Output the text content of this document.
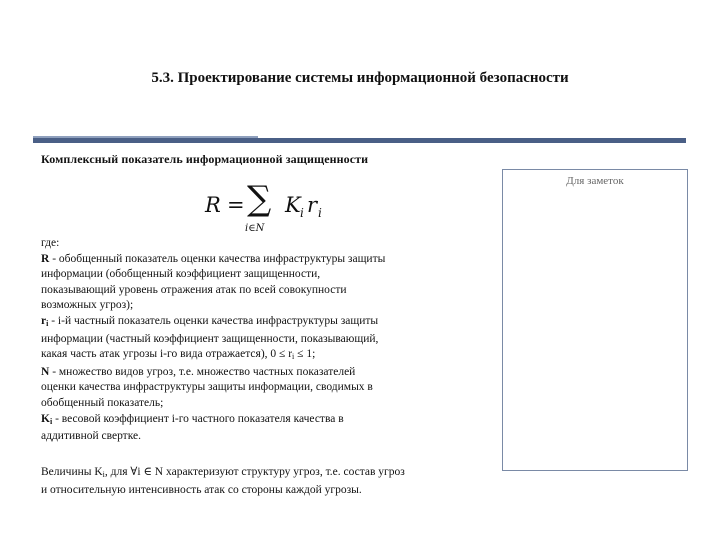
5.3. Проектирование системы информационной безопасности
Комплексный показатель информационной защищенности
Для заметок
R = ∑
i∈N
K i r i
где:
R - обобщенный показатель оценки качества инфраструктуры защиты
информации (обобщенный коэффициент защищенности,
показывающий уровень отражения атак по всей совокупности
возможных угроз);
$r_i - i-й$ частный показатель оценки качества инфраструктуры защиты
информации (частный коэффициент защищенности, показывающий,
какая часть атак угрозы i-го вида отражается), $0 \le r_i \le 1$;
N - множество видов угроз, т.е. множество частных показателей
оценки качества инфраструктуры защиты информации, сводимых в
обобщенный показатель;
$K_i$ - весовой коэффициент i-го частного показателя качества в
аддитивной свертке.
Величины $K_i$, для ∀i ∈ N характеризуют структуру угроз, т.е. состав угроз
и относительную интенсивность атак со стороны каждой угрозы.
